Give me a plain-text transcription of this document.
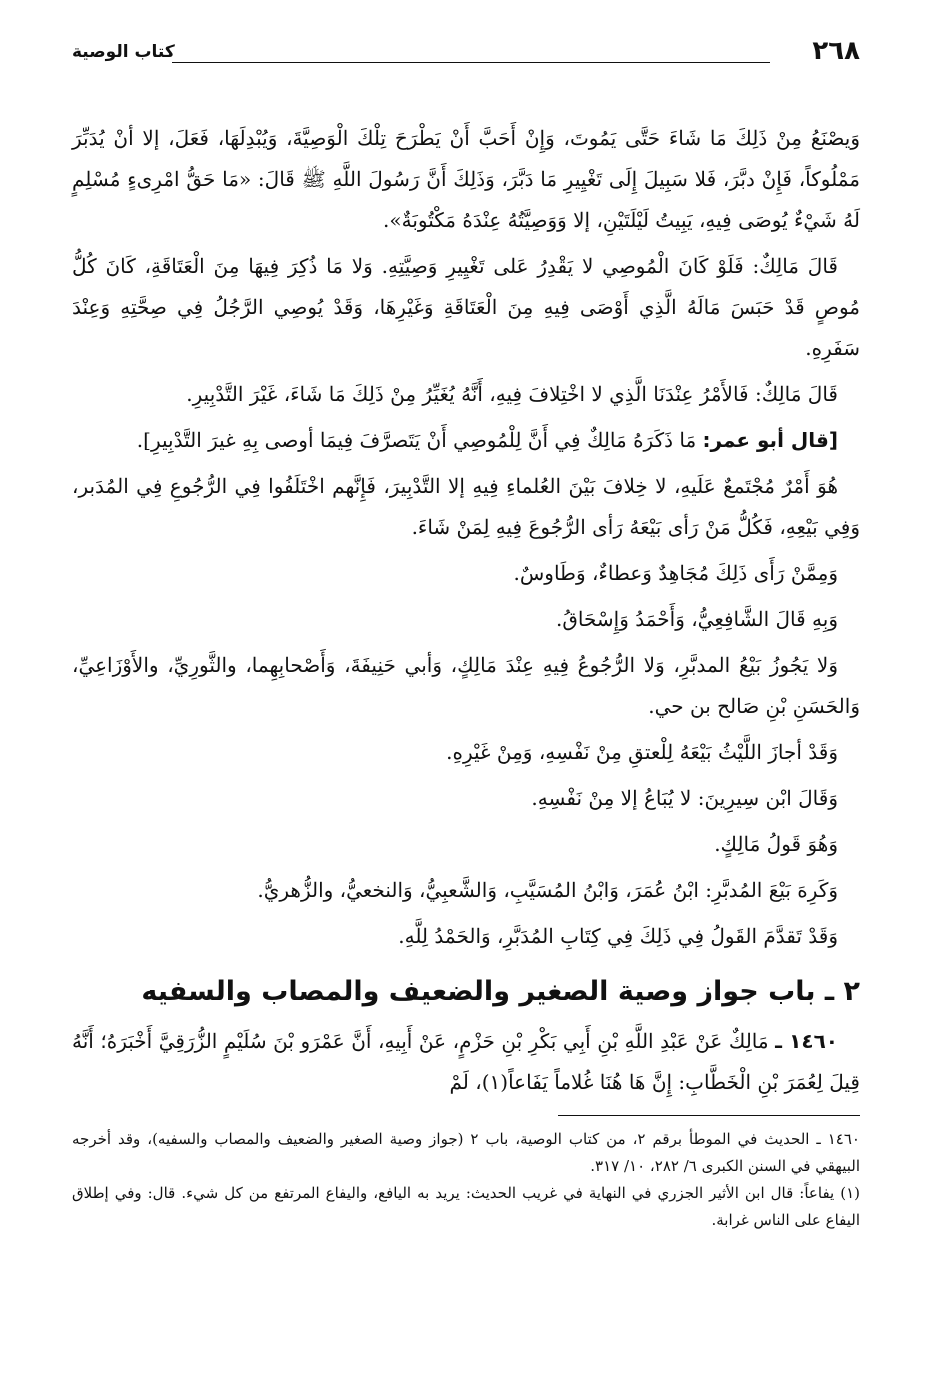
كتاب الوصية	٢٦٨

وَيصْنَعُ مِنْ ذَلِكَ مَا شَاءَ حَتَّى يَمُوتَ، وَإِنْ أَحَبَّ أَنْ يَطْرَحَ تِلْكَ الْوَصِيَّةَ، وَيُبْدِلَهَا، فَعَلَ، إلا أنْ يُدَبِّرَ مَمْلُوكاً، فَإِنْ دبَّرَ، فَلا سَبِيلَ إِلَى تَغْيِيرِ مَا دَبَّرَ، وَذَلِكَ أَنَّ رَسُولَ اللَّهِ ﷺ قَالَ: «مَا حَقُّ امْرِىءٍ مُسْلِمٍ لَهُ شَيْءٌ يُوصَى فِيهِ، يَبِيتُ لَيْلَتَيْنِ، إلا وَوَصِيَّتُهُ عِنْدَهُ مَكْتُوبَةٌ».

قَالَ مَالِكٌ: فَلَوْ كَانَ الْمُوصِي لا يَقْدِرُ عَلى تَغْيِيرِ وَصِيَّتِهِ. وَلا مَا ذُكِرَ فِيهَا مِنَ الْعَتَاقَةِ، كَانَ كُلُّ مُوصٍ قَدْ حَبَسَ مَالَهُ الَّذِي أَوْصَى فِيهِ مِنَ الْعَتَاقَةِ وَغَيْرِهَا، وَقَدْ يُوصِي الرَّجُلُ فِي صِحَّتِهِ وَعِنْدَ سَفَرِهِ.

قَالَ مَالِكٌ: فَالأَمْرُ عِنْدَنَا الَّذِي لا اخْتِلافَ فِيهِ، أَنَّهُ يُغَيِّرُ مِنْ ذَلِكَ مَا شَاءَ، غَيْرَ التَّدْبِيرِ.

[قال أبو عمر: مَا ذَكَرَهُ مَالِكٌ فِي أَنَّ لِلْمُوصِي أَنْ يَتَصرَّفَ فِيمَا أوصى بِهِ غيرَ التَّدْبِيرِ].

هُوَ أَمْرٌ مُجْتَمعٌ عَلَيهِ، لا خِلافَ بَيْنَ العُلماءِ فِيهِ إلا التَّدْبِيرَ، فَإِنَّهم اخْتَلَفُوا فِي الرُّجُوعِ فِي المُدَبر، وَفِي بَيْعِهِ، فَكُلُّ مَنْ رَأى بَيْعَهُ رَأى الرُّجُوعَ فِيهِ لِمَنْ شَاءَ.

وَمِمَّنْ رَأَى ذَلِكَ مُجَاهِدٌ وَعطاءٌ، وَطَاوسٌ.

وَبِهِ قَالَ الشَّافِعِيُّ، وَأَحْمَدُ وَإِسْحَاقُ.

وَلا يَجُوزُ بَيْعُ المدبَّرِ، وَلا الرُّجُوعُ فِيهِ عِنْدَ مَالِكٍ، وَأبي حَنِيفَةَ، وَأَصْحابِهِما، والثَّورِيِّ، والأَوْزَاعِيِّ، وَالحَسَنِ بْنِ صَالح بن حي.

وَقَدْ أجازَ اللَّيْثُ بَيْعَهُ لِلْعتقِ مِنْ نَفْسِهِ، وَمِنْ غَيْرِهِ.

وَقَالَ ابْن سِيرِينَ: لا يُبَاعُ إلا مِنْ نَفْسِهِ.

وَهُوَ قَولُ مَالِكٍ.

وَكَرِهَ بَيْعَ المُدبَّرِ: ابْنُ عُمَرَ، وَابْنُ المُسَيَّبِ، وَالشَّعبِيُّ، وَالنخعيُّ، والزُّهريُّ.

وَقَدْ تَقدَّمَ القَولُ فِي ذَلِكَ فِي كِتَابِ المُدَبَّرِ، وَالحَمْدُ لِلَّهِ.

٢ ـ باب جواز وصية الصغير والضعيف والمصاب والسفيه

١٤٦٠ ـ مَالِكٌ عَنْ عَبْدِ اللَّهِ بْنِ أَبِي بَكْرِ بْنِ حَزْمٍ، عَنْ أَبِيهِ، أَنَّ عَمْرَو بْنَ سُلَيْمٍ الزُّرَقِيَّ أَخْبَرَهُ؛ أَنَّهُ قِيلَ لِعُمَرَ بْنِ الْخَطَّابِ: إِنَّ هَا هُنَا غُلاماً يَفَاعاً(١)، لَمْ

١٤٦٠ ـ الحديث في الموطأ برقم ٢، من كتاب الوصية، باب ٢ (جواز وصية الصغير والضعيف والمصاب والسفيه)، وقد أخرجه البيهقي في السنن الكبرى ٦/ ٢٨٢، ١٠/ ٣١٧.

(١) يفاعاً: قال ابن الأثير الجزري في النهاية في غريب الحديث: يريد به اليافع، واليفاع المرتفع من كل شيء. قال: وفي إطلاق اليفاع على الناس غرابة.
